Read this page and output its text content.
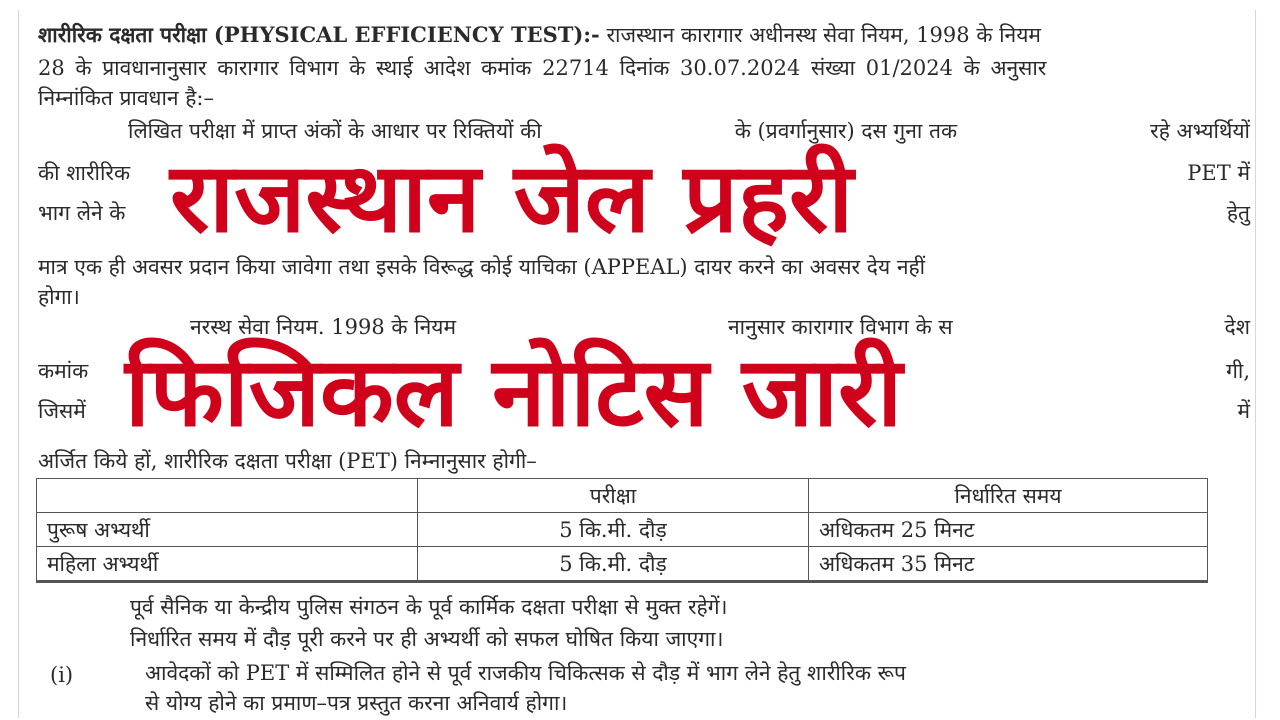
शारीरिक दक्षता परीक्षा (PHYSICAL EFFICIENCY TEST):- राजस्थान कारागार अधीनस्थ सेवा नियम, 1998 के नियम
28 के प्रावधानानुसार कारागार विभाग के स्थाई आदेश कमांक 22714 दिनांक 30.07.2024 संख्या 01/2024 के अनुसार
निम्नांकित प्रावधान है:–
लिखित परीक्षा में प्राप्त अंकों के आधार पर रिक्तियों की	के (प्रवर्गानुसार) दस गुना तक	रहे अभ्यर्थियों
की शारीरिक	PET में
भाग लेने के	हेतु
मात्र एक ही अवसर प्रदान किया जावेगा तथा इसके विरूद्ध कोई याचिका (APPEAL) दायर करने का अवसर देय नहीं
होगा।
नरस्थ सेवा नियम. 1998 के नियम	नानुसार कारागार विभाग के स	देश
कमांक	गी,
जिसमें	में
अर्जित किये हों, शारीरिक दक्षता परीक्षा (PET) निम्नानुसार होगी–
राजस्थान जेल प्रहरी
फिजिकल नोटिस जारी
	परीक्षा	निर्धारित समय
पुरूष अभ्यर्थी	5 कि.मी. दौड़	अधिकतम 25 मिनट
महिला अभ्यर्थी	5 कि.मी. दौड़	अधिकतम 35 मिनट
पूर्व सैनिक या केन्द्रीय पुलिस संगठन के पूर्व कार्मिक दक्षता परीक्षा से मुक्त रहेगें।
निर्धारित समय में दौड़ पूरी करने पर ही अभ्यर्थी को सफल घोषित किया जाएगा।
(i)	आवेदकों को PET में सम्मिलित होने से पूर्व राजकीय चिकित्सक से दौड़ में भाग लेने हेतु शारीरिक रूप
से योग्य होने का प्रमाण–पत्र प्रस्तुत करना अनिवार्य होगा।
